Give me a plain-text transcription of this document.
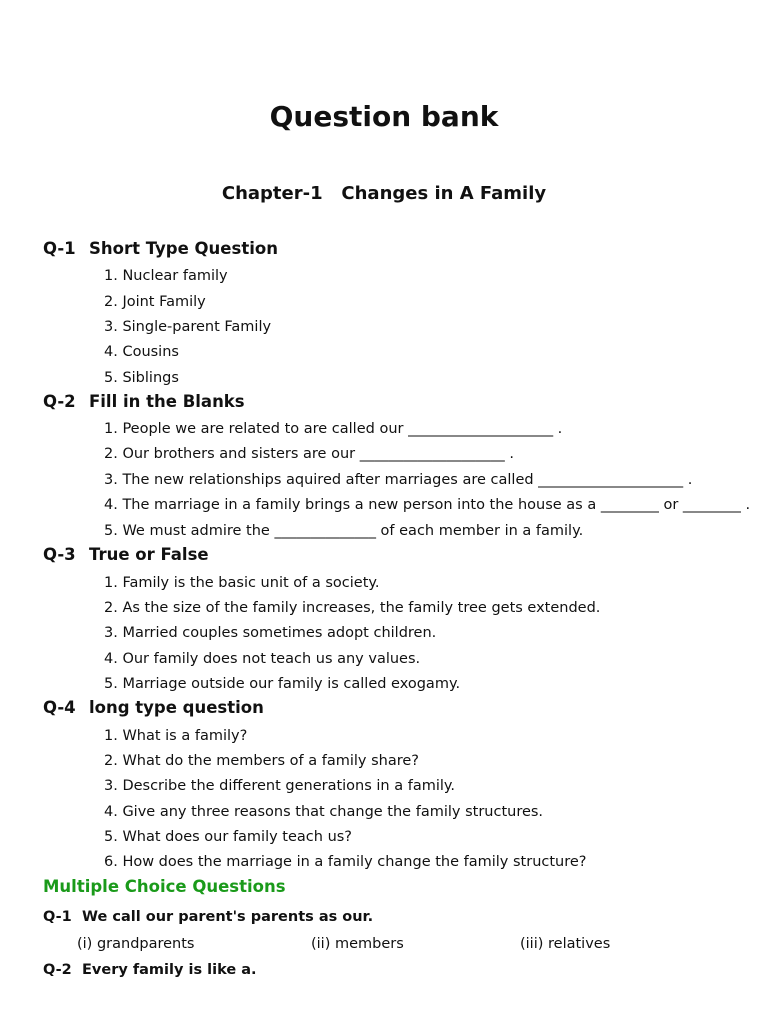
Question bank
Chapter-1   Changes in A Family
Q-1 Short Type Question
1. Nuclear family
2. Joint Family
3. Single-parent Family
4. Cousins
5. Siblings
Q-2 Fill in the Blanks
1. People we are related to are called our ____________________ .
2. Our brothers and sisters are our ____________________ .
3. The new relationships aquired after marriages are called ____________________ .
4. The marriage in a family brings a new person into the house as a ________ or ________ .
5. We must admire the ______________ of each member in a family.
Q-3 True or False
1. Family is the basic unit of a society.
2. As the size of the family increases, the family tree gets extended.
3. Married couples sometimes adopt children.
4. Our family does not teach us any values.
5. Marriage outside our family is called exogamy.
Q-4 long type question
1. What is a family?
2. What do the members of a family share?
3. Describe the different generations in a family.
4. Give any three reasons that change the family structures.
5. What does our family teach us?
6. How does the marriage in a family change the family structure?
Multiple Choice Questions
Q-1 We call our parent's parents as our.
(i) grandparents	(ii) members	(iii) relatives
Q-2 Every family is like a.
